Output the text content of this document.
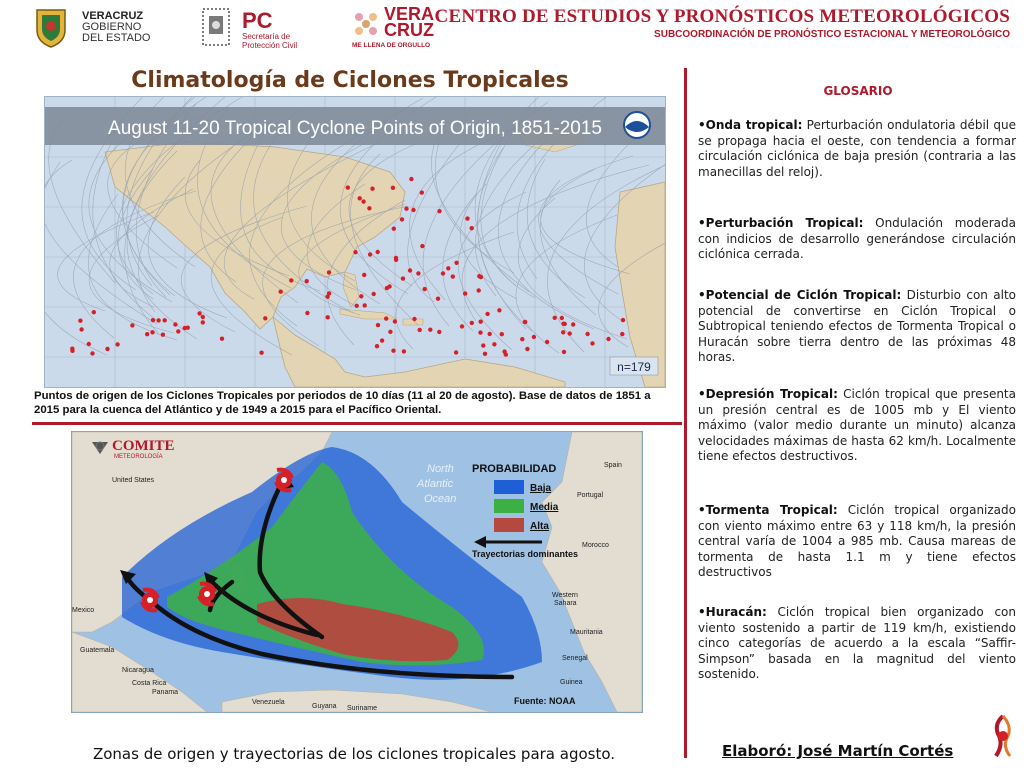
VERACRUZ
GOBIERNO
DEL ESTADO
PC
Secretaría de
Protección Civil
VERA
CRUZ
ME LLENA DE ORGULLO
CENTRO DE ESTUDIOS Y PRONÓSTICOS METEOROLÓGICOS
SUBCOORDINACIÓN DE PRONÓSTICO ESTACIONAL Y METEOROLÓGICO
Climatología de Ciclones Tropicales
August 11-20 Tropical Cyclone Points of Origin, 1851-2015
n=179
Puntos de origen de los Ciclones Tropicales por periodos de 10 días (11 al 20 de agosto). Base de datos de 1851 a 2015 para la cuenca del Atlántico y de 1949 a 2015 para el Pacífico Oriental.
COMITE
METEOROLOGÍA
United States
Mexico
Spain
Portugal
Morocco
Western
Sahara
Mauritania
Senegal
Guinea
Nicaragua
Costa Rica
Panama
Guatemala
Venezuela
Guyana Suriname
North
Atlantic
Ocean
PROBABILIDAD
Baja
Media
Alta
Trayectorias dominantes
Fuente: NOAA
Zonas de origen y trayectorias de los ciclones tropicales para agosto.
GLOSARIO
•Onda tropical: Perturbación ondulatoria débil que se propaga hacia el oeste, con tendencia a formar circulación ciclónica de baja presión (contraria a las manecillas del reloj).
•Perturbación Tropical: Ondulación moderada con indicios de desarrollo generándose circulación ciclónica cerrada.
•Potencial de Ciclón Tropical: Disturbio con alto potencial de convertirse en Ciclón Tropical o Subtropical teniendo efectos de Tormenta Tropical o Huracán sobre tierra dentro de las próximas 48 horas.
•Depresión Tropical: Ciclón tropical que presenta un presión central es de 1005 mb y El viento máximo (valor medio durante un minuto) alcanza velocidades máximas de hasta 62 km/h. Localmente tiene efectos destructivos.
•Tormenta Tropical: Ciclón tropical organizado con viento máximo entre 63 y 118 km/h, la presión central varía de 1004 a 985 mb. Causa mareas de tormenta de hasta 1.1 m y tiene efectos destructivos
•Huracán: Ciclón tropical bien organizado con viento sostenido a partir de 119 km/h, existiendo cinco categorías de acuerdo a la escala “Saffir-Simpson” basada en la magnitud del viento sostenido.
Elaboró: José Martín Cortés
